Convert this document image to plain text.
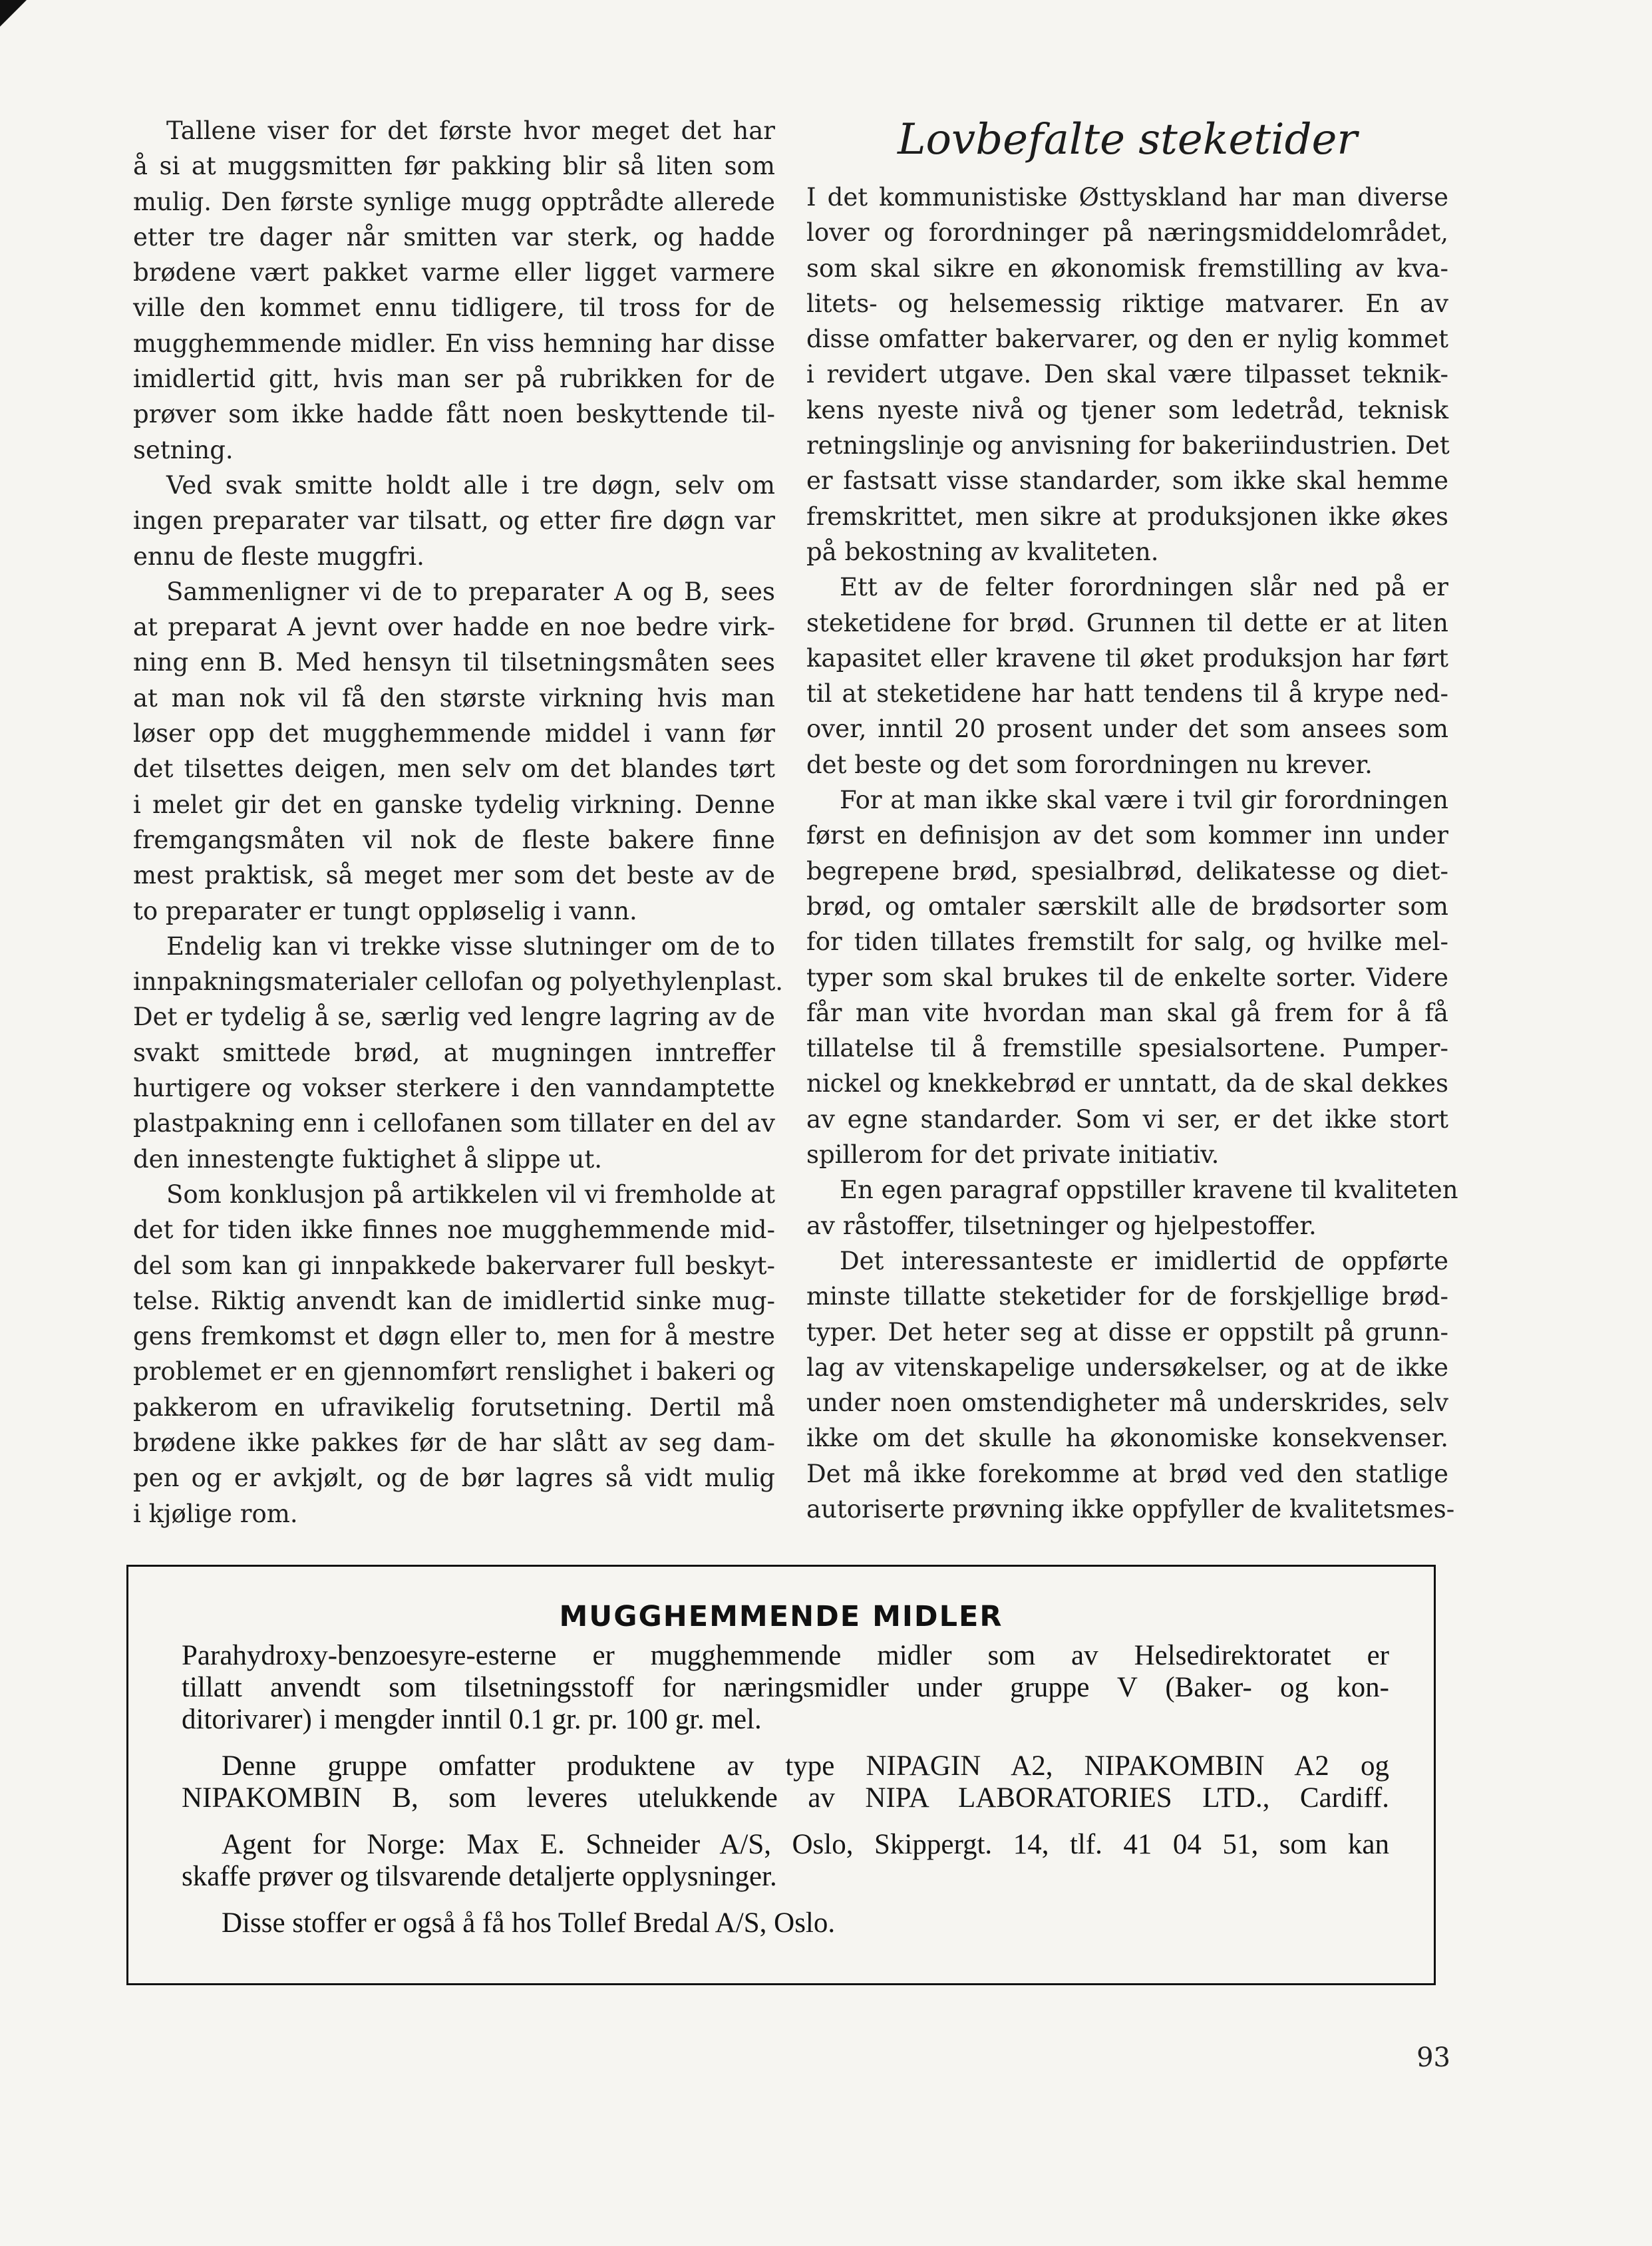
Tallene viser for det første hvor meget det har
å si at muggsmitten før pakking blir så liten som
mulig. Den første synlige mugg opptrådte allerede
etter tre dager når smitten var sterk, og hadde
brødene vært pakket varme eller ligget varmere
ville den kommet ennu tidligere, til tross for de
mugghemmende midler. En viss hemning har disse
imidlertid gitt, hvis man ser på rubrikken for de
prøver som ikke hadde fått noen beskyttende til-
setning.
Ved svak smitte holdt alle i tre døgn, selv om
ingen preparater var tilsatt, og etter fire døgn var
ennu de fleste muggfri.
Sammenligner vi de to preparater A og B, sees
at preparat A jevnt over hadde en noe bedre virk-
ning enn B. Med hensyn til tilsetningsmåten sees
at man nok vil få den største virkning hvis man
løser opp det mugghemmende middel i vann før
det tilsettes deigen, men selv om det blandes tørt
i melet gir det en ganske tydelig virkning. Denne
fremgangsmåten vil nok de fleste bakere finne
mest praktisk, så meget mer som det beste av de
to preparater er tungt oppløselig i vann.
Endelig kan vi trekke visse slutninger om de to
innpakningsmaterialer cellofan og polyethylenplast.
Det er tydelig å se, særlig ved lengre lagring av de
svakt smittede brød, at mugningen inntreffer
hurtigere og vokser sterkere i den vanndamptette
plastpakning enn i cellofanen som tillater en del av
den innestengte fuktighet å slippe ut.
Som konklusjon på artikkelen vil vi fremholde at
det for tiden ikke finnes noe mugghemmende mid-
del som kan gi innpakkede bakervarer full beskyt-
telse. Riktig anvendt kan de imidlertid sinke mug-
gens fremkomst et døgn eller to, men for å mestre
problemet er en gjennomført renslighet i bakeri og
pakkerom en ufravikelig forutsetning. Dertil må
brødene ikke pakkes før de har slått av seg dam-
pen og er avkjølt, og de bør lagres så vidt mulig
i kjølige rom.
Lovbefalte steketider
I det kommunistiske Østtyskland har man diverse
lover og forordninger på næringsmiddelområdet,
som skal sikre en økonomisk fremstilling av kva-
litets- og helsemessig riktige matvarer. En av
disse omfatter bakervarer, og den er nylig kommet
i revidert utgave. Den skal være tilpasset teknik-
kens nyeste nivå og tjener som ledetråd, teknisk
retningslinje og anvisning for bakeriindustrien. Det
er fastsatt visse standarder, som ikke skal hemme
fremskrittet, men sikre at produksjonen ikke økes
på bekostning av kvaliteten.
Ett av de felter forordningen slår ned på er
steketidene for brød. Grunnen til dette er at liten
kapasitet eller kravene til øket produksjon har ført
til at steketidene har hatt tendens til å krype ned-
over, inntil 20 prosent under det som ansees som
det beste og det som forordningen nu krever.
For at man ikke skal være i tvil gir forordningen
først en definisjon av det som kommer inn under
begrepene brød, spesialbrød, delikatesse og diet-
brød, og omtaler særskilt alle de brødsorter som
for tiden tillates fremstilt for salg, og hvilke mel-
typer som skal brukes til de enkelte sorter. Videre
får man vite hvordan man skal gå frem for å få
tillatelse til å fremstille spesialsortene. Pumper-
nickel og knekkebrød er unntatt, da de skal dekkes
av egne standarder. Som vi ser, er det ikke stort
spillerom for det private initiativ.
En egen paragraf oppstiller kravene til kvaliteten
av råstoffer, tilsetninger og hjelpestoffer.
Det interessanteste er imidlertid de oppførte
minste tillatte steketider for de forskjellige brød-
typer. Det heter seg at disse er oppstilt på grunn-
lag av vitenskapelige undersøkelser, og at de ikke
under noen omstendigheter må underskrides, selv
ikke om det skulle ha økonomiske konsekvenser.
Det må ikke forekomme at brød ved den statlige
autoriserte prøvning ikke oppfyller de kvalitetsmes-
MUGGHEMMENDE MIDLER
Parahydroxy-benzoesyre-esterne er mugghemmende midler som av Helsedirektoratet er
tillatt anvendt som tilsetningsstoff for næringsmidler under gruppe V (Baker- og kon-
ditorivarer) i mengder inntil 0.1 gr. pr. 100 gr. mel.
Denne gruppe omfatter produktene av type NIPAGIN A2, NIPAKOMBIN A2 og
NIPAKOMBIN B, som leveres utelukkende av NIPA LABORATORIES LTD., Cardiff.
Agent for Norge: Max E. Schneider A/S, Oslo, Skippergt. 14, tlf. 41 04 51, som kan
skaffe prøver og tilsvarende detaljerte opplysninger.
Disse stoffer er også å få hos Tollef Bredal A/S, Oslo.
93
